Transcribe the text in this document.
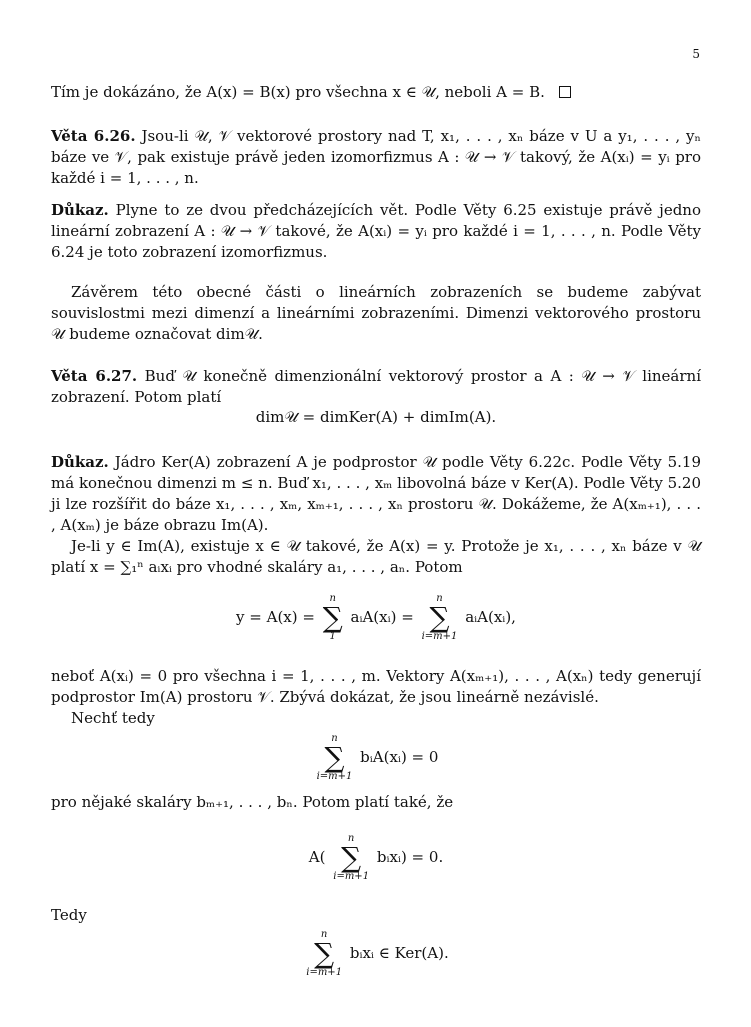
5

Tím je dokázáno, že A(x) = B(x) pro všechna x ∈ 𝒰, neboli A = B.

Věta 6.26. Jsou-li 𝒰, 𝒱 vektorové prostory nad T, x₁, . . . , xₙ báze v U a y₁, . . . , yₙ báze ve 𝒱, pak existuje právě jeden izomorfizmus A : 𝒰 → 𝒱 takový, že A(xᵢ) = yᵢ pro každé i = 1, . . . , n.

Důkaz. Plyne to ze dvou předcházejících vět. Podle Věty 6.25 existuje právě jedno lineární zobrazení A : 𝒰 → 𝒱 takové, že A(xᵢ) = yᵢ pro každé i = 1, . . . , n. Podle Věty 6.24 je toto zobrazení izomorfizmus.

Závěrem této obecné části o lineárních zobrazeních se budeme zabývat souvislostmi mezi dimenzí a lineárními zobrazeními. Dimenzi vektorového prostoru 𝒰 budeme označovat dim𝒰.

Věta 6.27. Buď 𝒰 konečně dimenzionální vektorový prostor a A : 𝒰 → 𝒱 lineární zobrazení. Potom platí

dim𝒰 = dimKer(A) + dimIm(A).

Důkaz. Jádro Ker(A) zobrazení A je podprostor 𝒰 podle Věty 6.22c. Podle Věty 5.19 má konečnou dimenzi m ≤ n. Buď x₁, . . . , xₘ libovolná báze v Ker(A). Podle Věty 5.20 ji lze rozšířit do báze x₁, . . . , xₘ, xₘ₊₁, . . . , xₙ prostoru 𝒰. Dokážeme, že A(xₘ₊₁), . . . , A(xₘ) je báze obrazu Im(A).

Je-li y ∈ Im(A), existuje x ∈ 𝒰 takové, že A(x) = y. Protože je x₁, . . . , xₙ báze v 𝒰 platí x = ∑₁ⁿ aᵢxᵢ pro vhodné skaláry a₁, . . . , aₙ. Potom

y = A(x) =
n
∑
1
aᵢA(xᵢ) =
n
∑
i=m+1
aᵢA(xᵢ),

neboť A(xᵢ) = 0 pro všechna i = 1, . . . , m. Vektory A(xₘ₊₁), . . . , A(xₙ) tedy generují podprostor Im(A) prostoru 𝒱. Zbývá dokázat, že jsou lineárně nezávislé.

Nechť tedy

n
∑
i=m+1
bᵢA(xᵢ) = 0

pro nějaké skaláry bₘ₊₁, . . . , bₙ. Potom platí také, že

A(
n
∑
i=m+1
bᵢxᵢ) = 0.

Tedy

n
∑
i=m+1
bᵢxᵢ ∈ Ker(A).
